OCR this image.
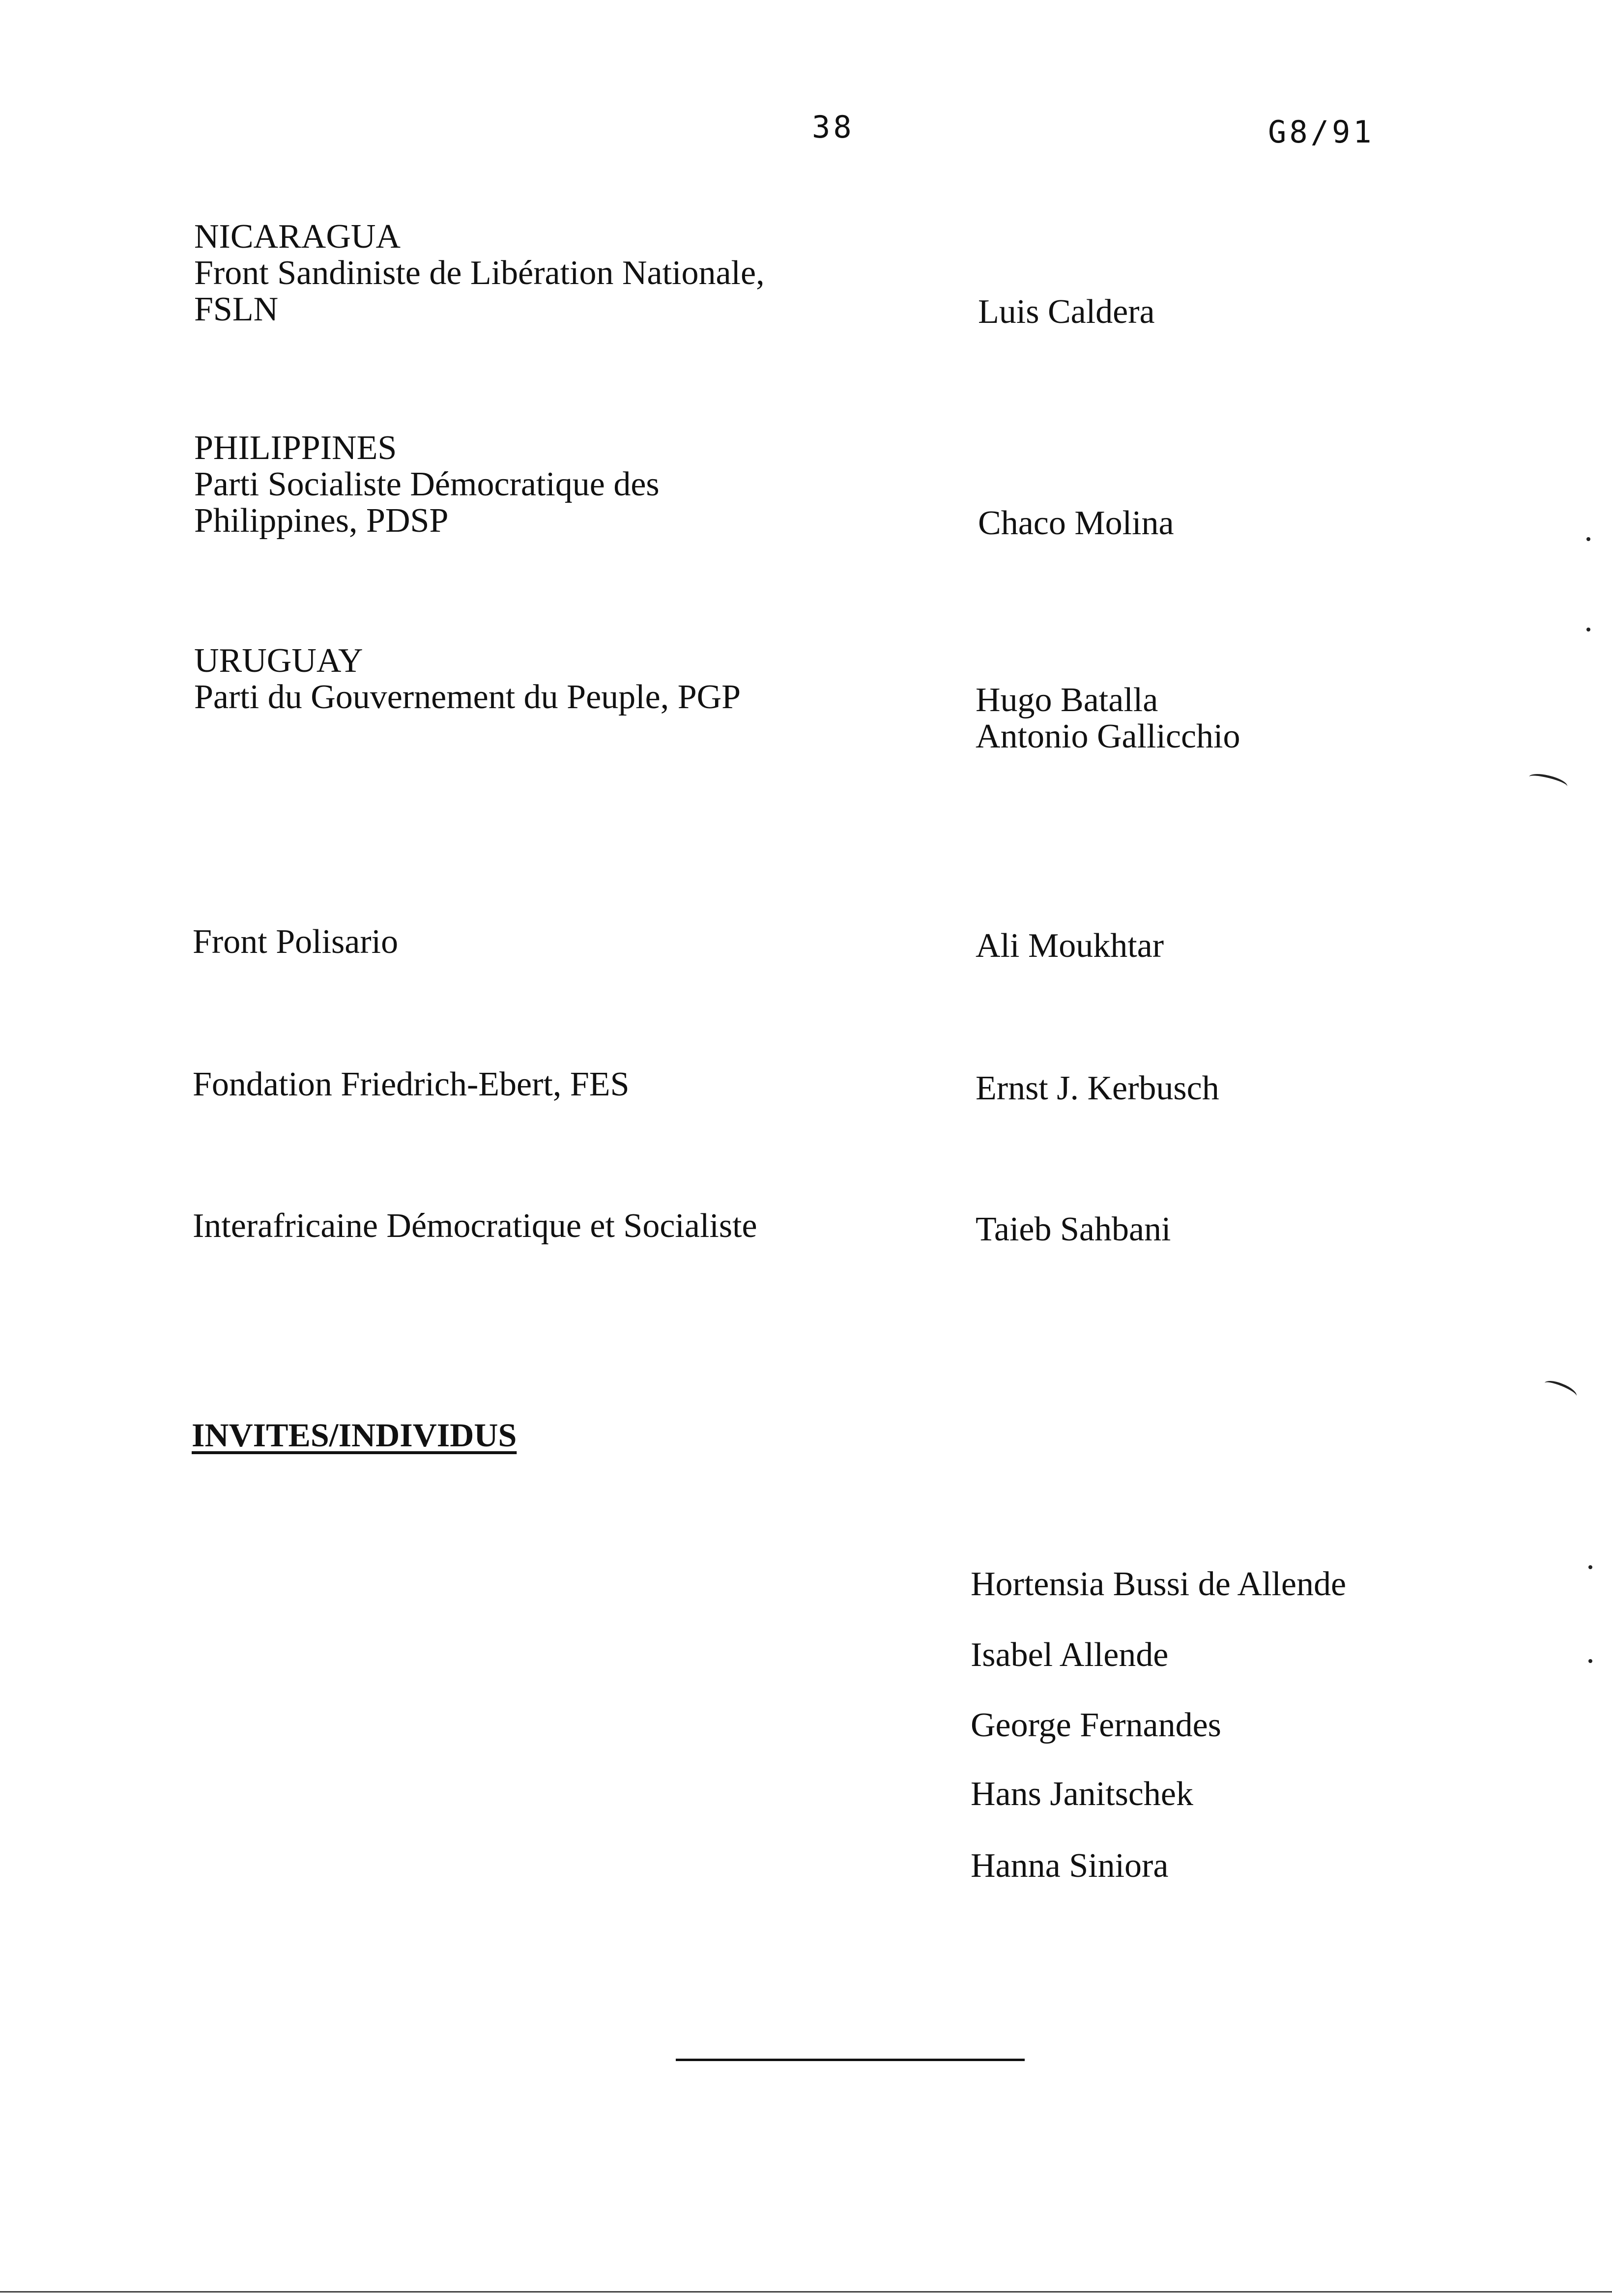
38	G8/91
NICARAGUA
Front Sandiniste de Libération Nationale,
FSLN	Luis Caldera
PHILIPPINES
Parti Socialiste Démocratique des
Philippines, PDSP	Chaco Molina
URUGUAY
Parti du Gouvernement du Peuple, PGP	Hugo Batalla
Antonio Gallicchio
Front Polisario	Ali Moukhtar
Fondation Friedrich-Ebert, FES	Ernst J. Kerbusch
Interafricaine Démocratique et Socialiste	Taieb Sahbani
INVITES/INDIVIDUS
Hortensia Bussi de Allende
Isabel Allende
George Fernandes
Hans Janitschek
Hanna Siniora
